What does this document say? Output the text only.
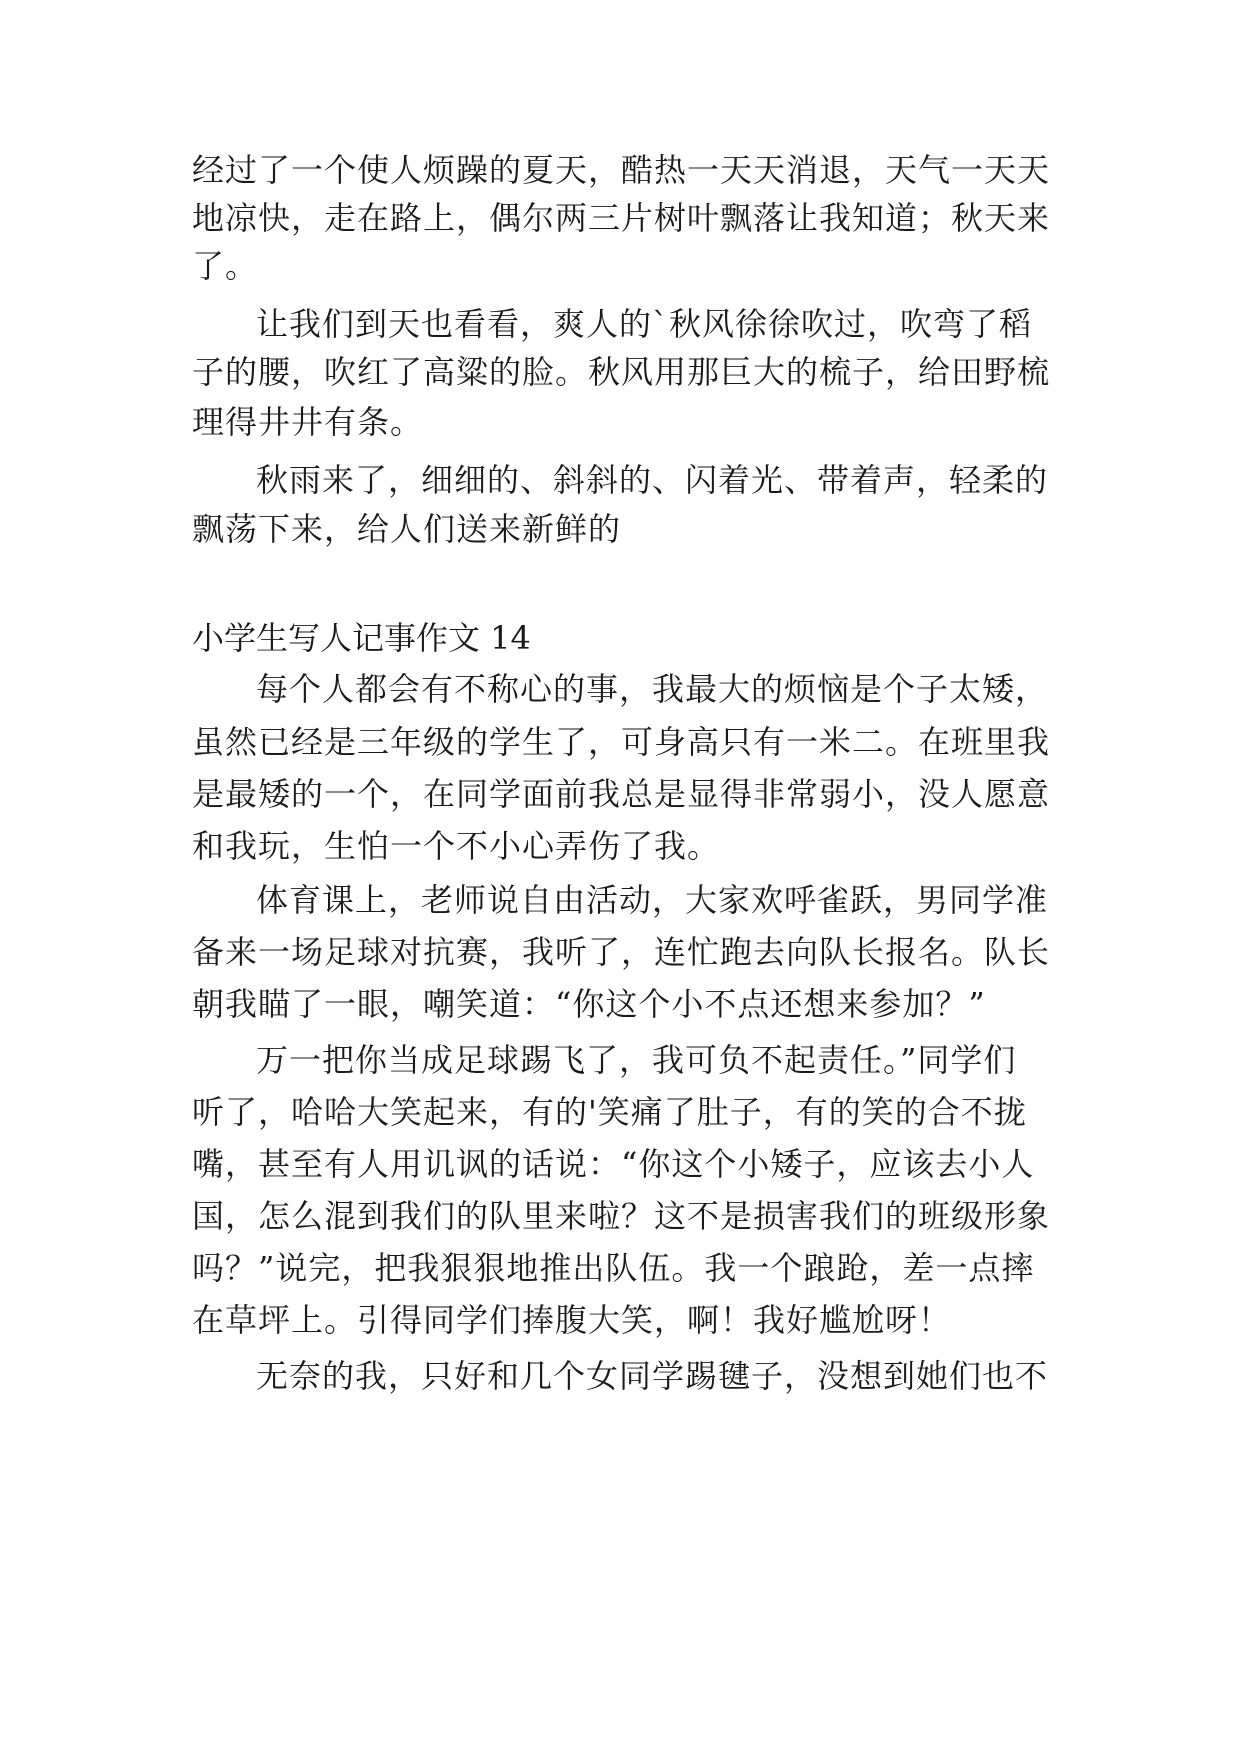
经过了一个使人烦躁的夏天，酷热一天天消退，天气一天天
地凉快，走在路上，偶尔两三片树叶飘落让我知道；秋天来
了。
让我们到天也看看，爽人的`秋风徐徐吹过，吹弯了稻
子的腰，吹红了高粱的脸。秋风用那巨大的梳子，给田野梳
理得井井有条。
秋雨来了，细细的、斜斜的、闪着光、带着声，轻柔的
飘荡下来，给人们送来新鲜的
小学生写人记事作文 14
每个人都会有不称心的事，我最大的烦恼是个子太矮，
虽然已经是三年级的学生了，可身高只有一米二。在班里我
是最矮的一个，在同学面前我总是显得非常弱小，没人愿意
和我玩，生怕一个不小心弄伤了我。
体育课上，老师说自由活动，大家欢呼雀跃，男同学准
备来一场足球对抗赛，我听了，连忙跑去向队长报名。队长
朝我瞄了一眼，嘲笑道：“你这个小不点还想来参加？”
万一把你当成足球踢飞了，我可负不起责任。”同学们
听了，哈哈大笑起来，有的'笑痛了肚子，有的笑的合不拢
嘴，甚至有人用讥讽的话说：“你这个小矮子，应该去小人
国，怎么混到我们的队里来啦？这不是损害我们的班级形象
吗？”说完，把我狠狠地推出队伍。我一个踉跄，差一点摔
在草坪上。引得同学们捧腹大笑，啊！我好尴尬呀！
无奈的我，只好和几个女同学踢毽子，没想到她们也不
